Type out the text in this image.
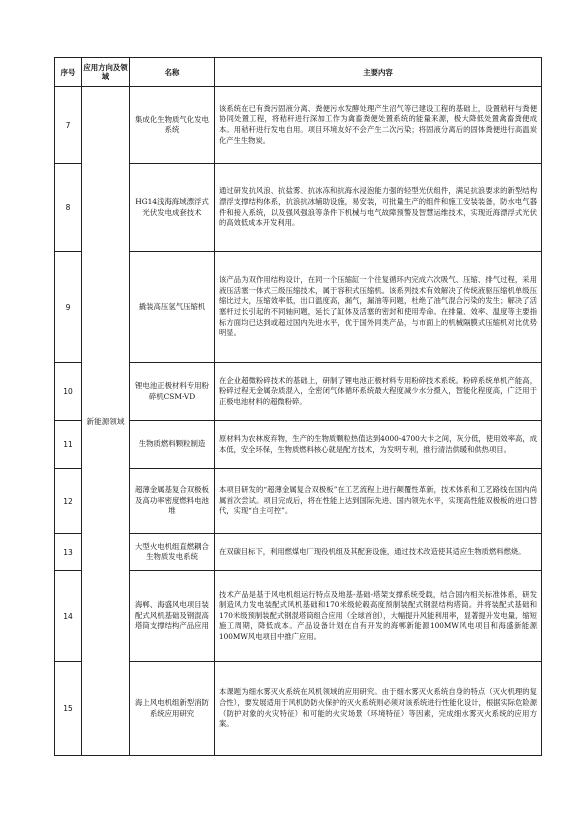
序号	应用方向及领域	名称	主要内容
7	新能源领域	集成化生物质气化发电系统	该系统在已有粪污固液分离、粪便污水发酵处理产生沼气等已建设工程的基础上，设置秸秆与粪便协同处置工程，将秸秆进行深加工作为禽畜粪便处置系统的能量来源，极大降低处置禽畜粪便成本。用秸秆进行发电自用。项目环境友好不会产生二次污染；将固液分离后的固体粪便进行高温炭化产生生物炭。
8		HG14浅海海域漂浮式光伏发电成套技术	通过研发抗风浪、抗盐雾、抗冰冻和抗海水浸泡能力强的轻型光伏组件，满足抗浪要求的新型结构漂浮支撑结构体系，抗浪抗冰辅助设施，易安装，可批量生产的组件和施工安装装备，防水电气器件和接入系统，以及强风强浪等条件下机械与电气故障预警及智慧运维技术，实现近海漂浮式光伏的高效低成本开发利用。
9		撬装高压氢气压缩机	该产品为双作用结构设计，在同一个压缩缸一个往复循环内完成六次吸气、压缩、排气过程，采用液压活塞一体式三级压缩技术，属于容积式压缩机。该系列技术有效解决了传统液驱压缩机单级压缩比过大，压缩效率低，出口温度高，漏气，漏油等问题，杜绝了油气混合污染的发生；解决了活塞杆过长引起的不同轴问题，延长了缸体及活塞的密封和使用寿命。在排量、效率、温度等主要指标方面均已达到或超过国内先进水平，优于国外同类产品，与市面上的机械隔膜式压缩机对比优势明显。
10		锂电池正极材料专用粉碎机CSM-VD	在企业超微粉碎技术的基础上，研制了锂电池正极材料专用粉碎技术系统。粉碎系统单机产能高，粉碎过程无金属杂质混入，全密闭气体循环系统最大程度减少水分摄入，智能化程度高，广泛用于正极电池材料的超微粉碎。
11		生物质燃料颗粒制造	原材料为农林废弃物，生产的生物质颗粒热值达到4000-4700大卡之间，灰分低，使用效率高，成本低，安全环保，生物质燃料核心就是配方技术，为发明专利，推行清洁供暖和供热项目。
12		超薄金属基复合双极板及高功率密度燃料电池堆	本项目研发的“超薄金属复合双极板”在工艺流程上进行颠覆性革新，技术体系和工艺路线在国内尚属首次尝试。项目完成后，将在性能上达到国际先进、国内领先水平，实现高性能双极板的进口替代，实现“自主可控”。
13		大型火电机组直燃耦合生物质发电系统	在双碳目标下，利用燃煤电厂现役机组及其配套设施，通过技术改造使其适应生物质燃料燃烧。
14		海郸、海盛风电项目装配式风机基础及钢混高塔筒支撑结构产品应用	技术产品是基于风电机组运行特点及地基-基础-塔架支撑系统受载，结合国内相关标准体系，研发制造风力发电装配式风机基础和170米级轮毂高度预制装配式钢混结构塔筒。并将装配式基础和170米级预制装配式钢混塔筒组合应用（全球首创），大幅提升风能利用率，显著提升发电量，缩短施工周期，降低成本。产品设备计划在自有开发的海郸新能源100MW风电项目和海盛新能源100MW风电项目中推广应用。
15		海上风电机组新型消防系统应用研究	本课题为细水雾灭火系统在风机领域的应用研究。由于细水雾灭火系统自身的特点（灭火机理的复合性），要发展适用于风机防防火保护的灭火系统则必须对该系统进行性能化设计，根据实际危险源（防护对象的火灾特征）和可能的火灾场景（环境特征）等因素，完成细水雾灭火系统的应用方案。
